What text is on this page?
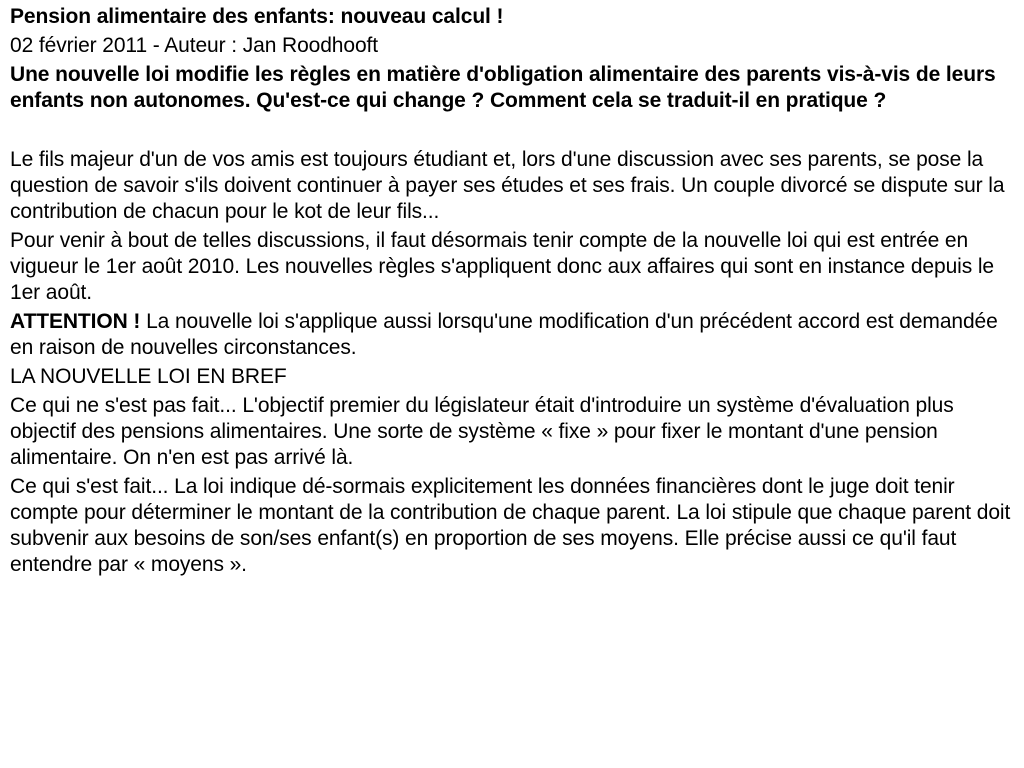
Pension alimentaire des enfants: nouveau calcul !

02 février 2011 - Auteur : Jan Roodhooft

Une nouvelle loi modifie les règles en matière d'obligation alimentaire des parents vis-à-vis de leurs enfants non autonomes. Qu'est-ce qui change ? Comment cela se traduit-il en pratique ?

Le fils majeur d'un de vos amis est toujours étudiant et, lors d'une discussion avec ses parents, se pose la question de savoir s'ils doivent continuer à payer ses études et ses frais. Un couple divorcé se dispute sur la contribution de chacun pour le kot de leur fils...

Pour venir à bout de telles discussions, il faut désormais tenir compte de la nouvelle loi qui est entrée en vigueur le 1er août 2010. Les nouvelles règles s'appliquent donc aux affaires qui sont en instance depuis le 1er août.

ATTENTION ! La nouvelle loi s'applique aussi lorsqu'une modification d'un précédent accord est demandée en raison de nouvelles circonstances.

LA NOUVELLE LOI EN BREF

Ce qui ne s'est pas fait... L'objectif premier du législateur était d'introduire un système d'évaluation plus objectif des pensions alimentaires. Une sorte de système « fixe » pour fixer le montant d'une pension alimentaire. On n'en est pas arrivé là.

Ce qui s'est fait... La loi indique dé-sormais explicitement les données financières dont le juge doit tenir compte pour déterminer le montant de la contribution de chaque parent. La loi stipule que chaque parent doit subvenir aux besoins de son/ses enfant(s) en proportion de ses moyens. Elle précise aussi ce qu'il faut entendre par « moyens ».
